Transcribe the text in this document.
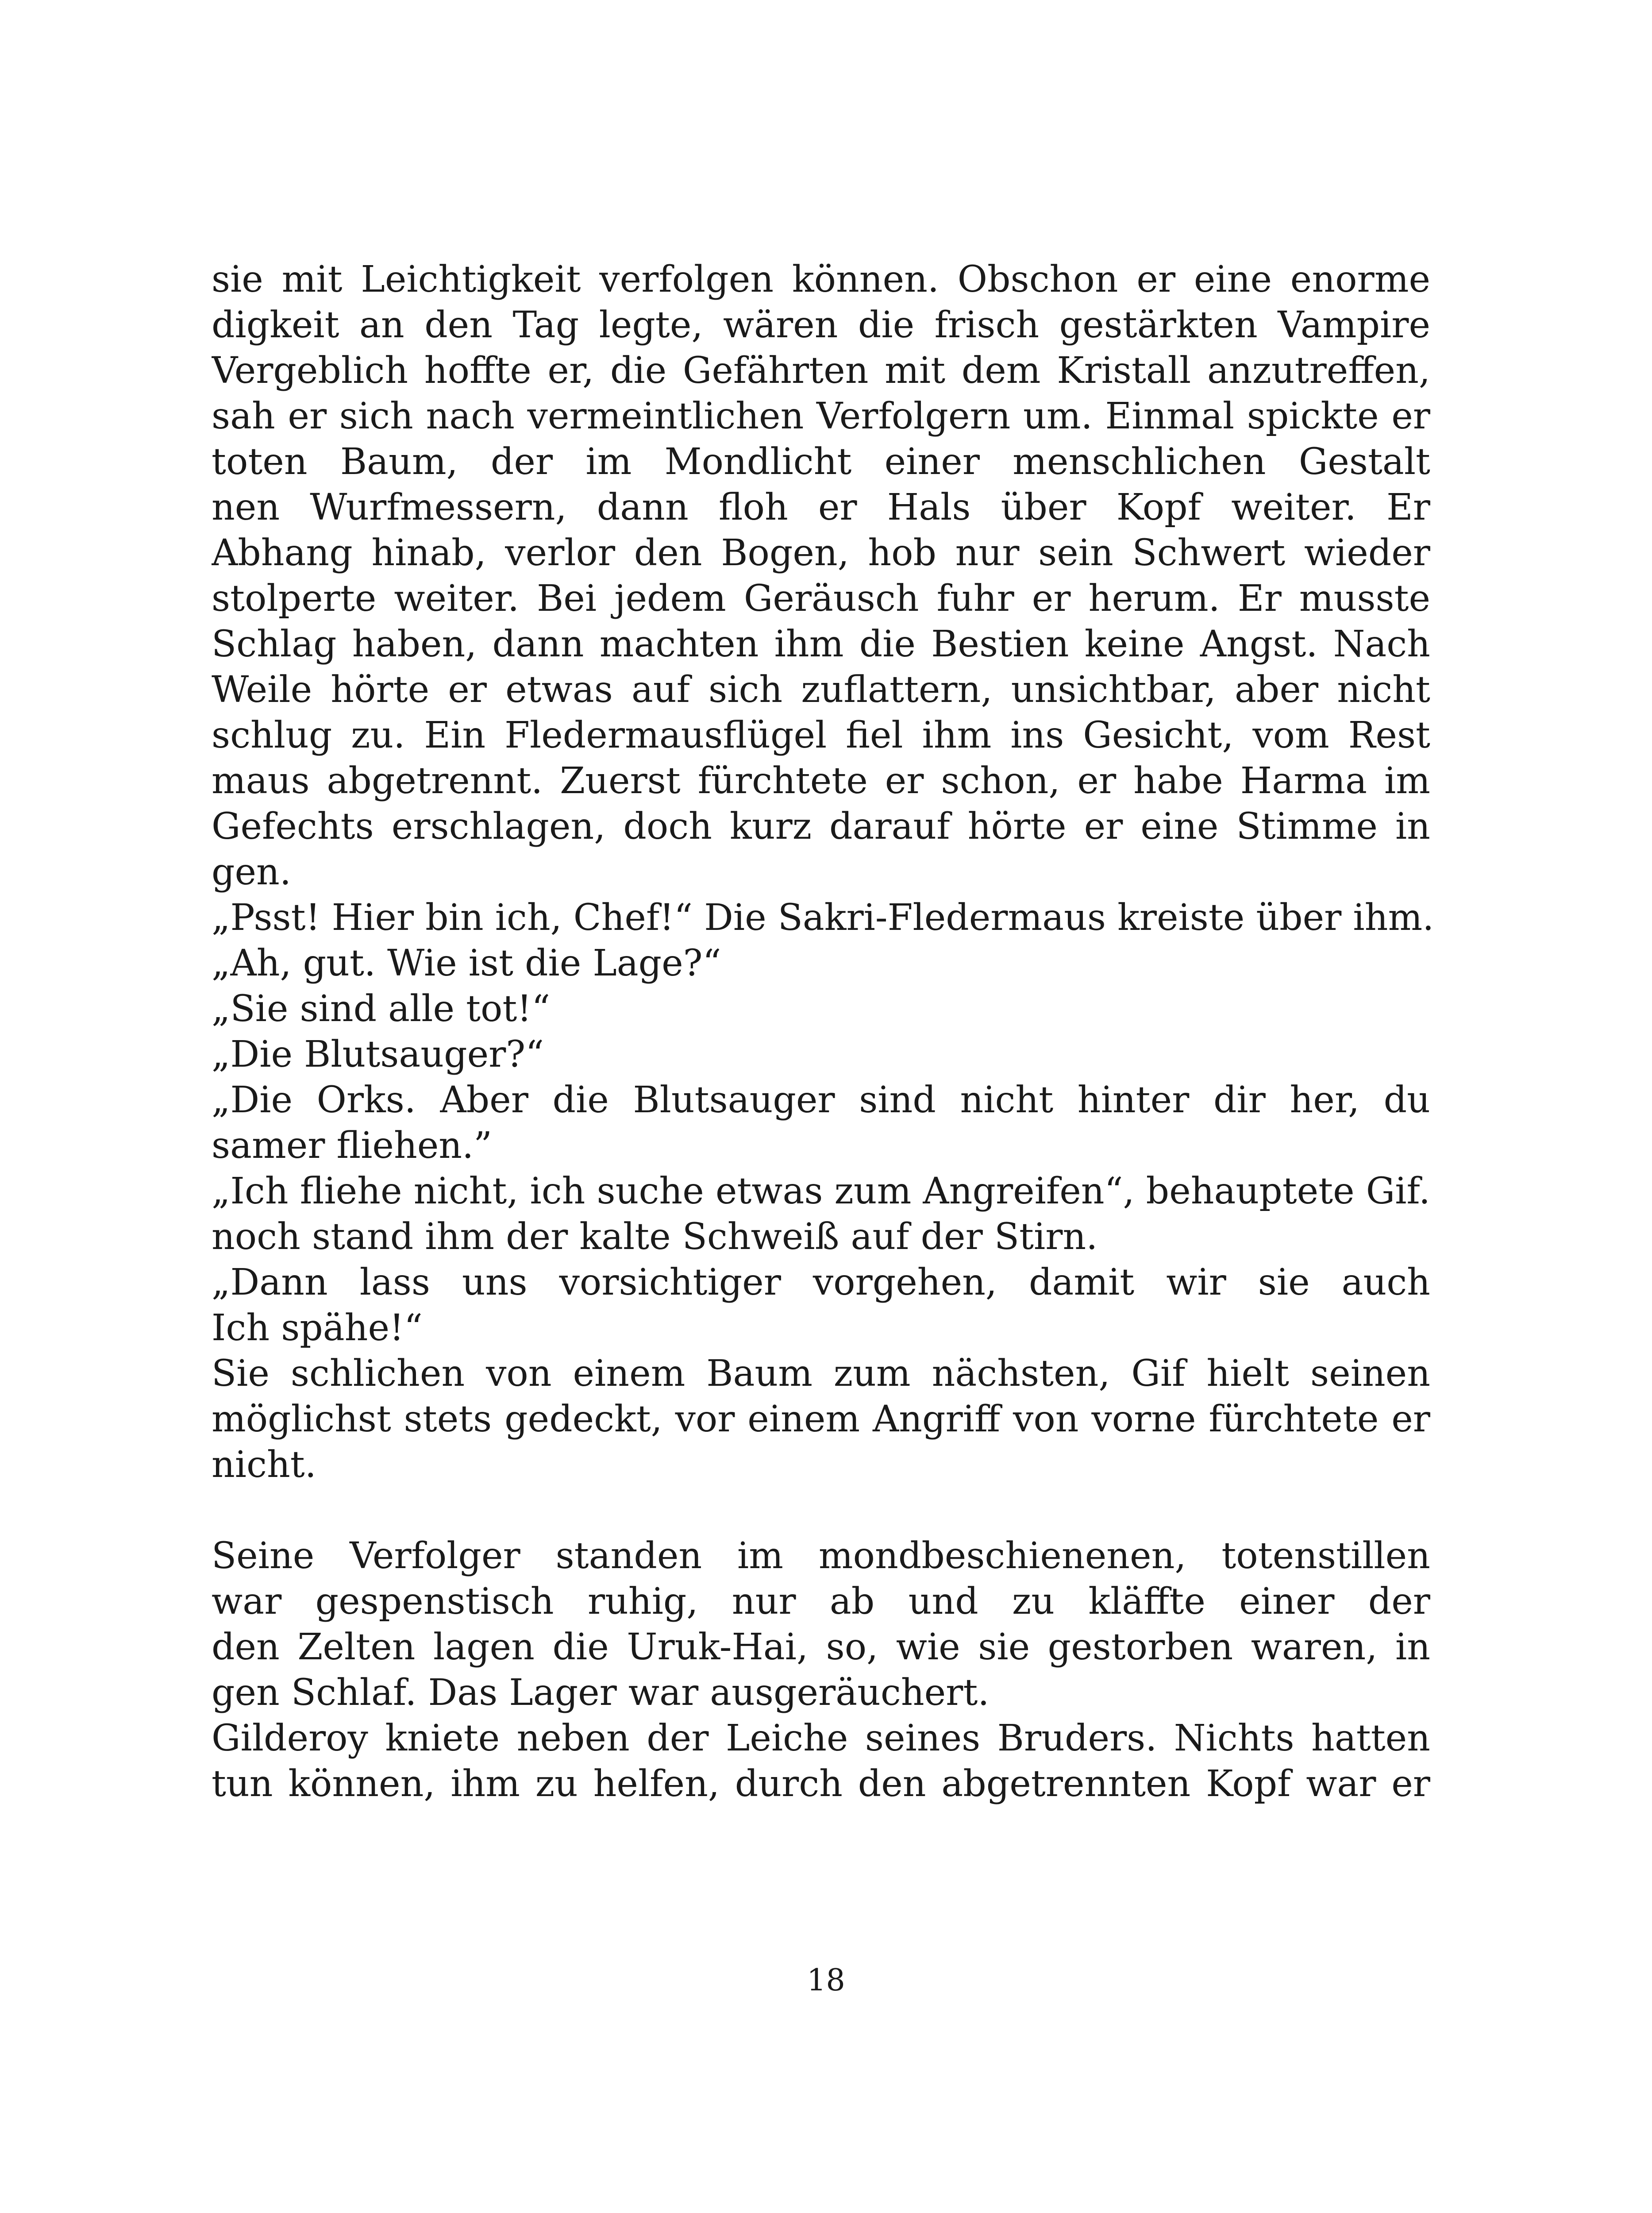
sie mit Leichtigkeit verfolgen können. Obschon er eine enorme
digkeit an den Tag legte, wären die frisch gestärkten Vampire
Vergeblich hoffte er, die Gefährten mit dem Kristall anzutreffen,
sah er sich nach vermeintlichen Verfolgern um. Einmal spickte er
toten Baum, der im Mondlicht einer menschlichen Gestalt
nen Wurfmessern, dann floh er Hals über Kopf weiter. Er
Abhang hinab, verlor den Bogen, hob nur sein Schwert wieder
stolperte weiter. Bei jedem Geräusch fuhr er herum. Er musste
Schlag haben, dann machten ihm die Bestien keine Angst. Nach
Weile hörte er etwas auf sich zuflattern, unsichtbar, aber nicht
schlug zu. Ein Fledermausflügel fiel ihm ins Gesicht, vom Rest
maus abgetrennt. Zuerst fürchtete er schon, er habe Harma im
Gefechts erschlagen, doch kurz darauf hörte er eine Stimme in
gen.
„Psst! Hier bin ich, Chef!“ Die Sakri-Fledermaus kreiste über ihm.
„Ah, gut. Wie ist die Lage?“
„Sie sind alle tot!“
„Die Blutsauger?“
„Die Orks. Aber die Blutsauger sind nicht hinter dir her, du
samer fliehen.”
„Ich fliehe nicht, ich suche etwas zum Angreifen“, behauptete Gif.
noch stand ihm der kalte Schweiß auf der Stirn.
„Dann lass uns vorsichtiger vorgehen, damit wir sie auch
Ich spähe!“
Sie schlichen von einem Baum zum nächsten, Gif hielt seinen
möglichst stets gedeckt, vor einem Angriff von vorne fürchtete er
nicht.
Seine Verfolger standen im mondbeschienenen, totenstillen
war gespenstisch ruhig, nur ab und zu kläffte einer der
den Zelten lagen die Uruk-Hai, so, wie sie gestorben waren, in
gen Schlaf. Das Lager war ausgeräuchert.
Gilderoy kniete neben der Leiche seines Bruders. Nichts hatten
tun können, ihm zu helfen, durch den abgetrennten Kopf war er
18
